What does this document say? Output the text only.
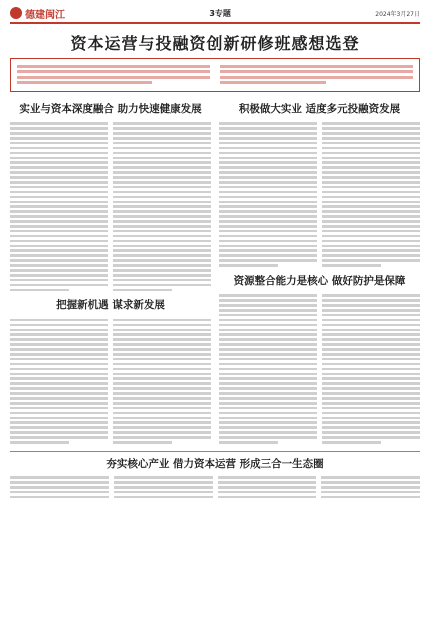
德建闽江	3专题	2024年3月27日
资本运营与投融资创新研修班感想选登
实业与资本深度融合 助力快速健康发展
把握新机遇 谋求新发展
积极做大实业 适度多元投融资发展
资源整合能力是核心 做好防护是保障
夯实核心产业 借力资本运营 形成三合一生态圈
